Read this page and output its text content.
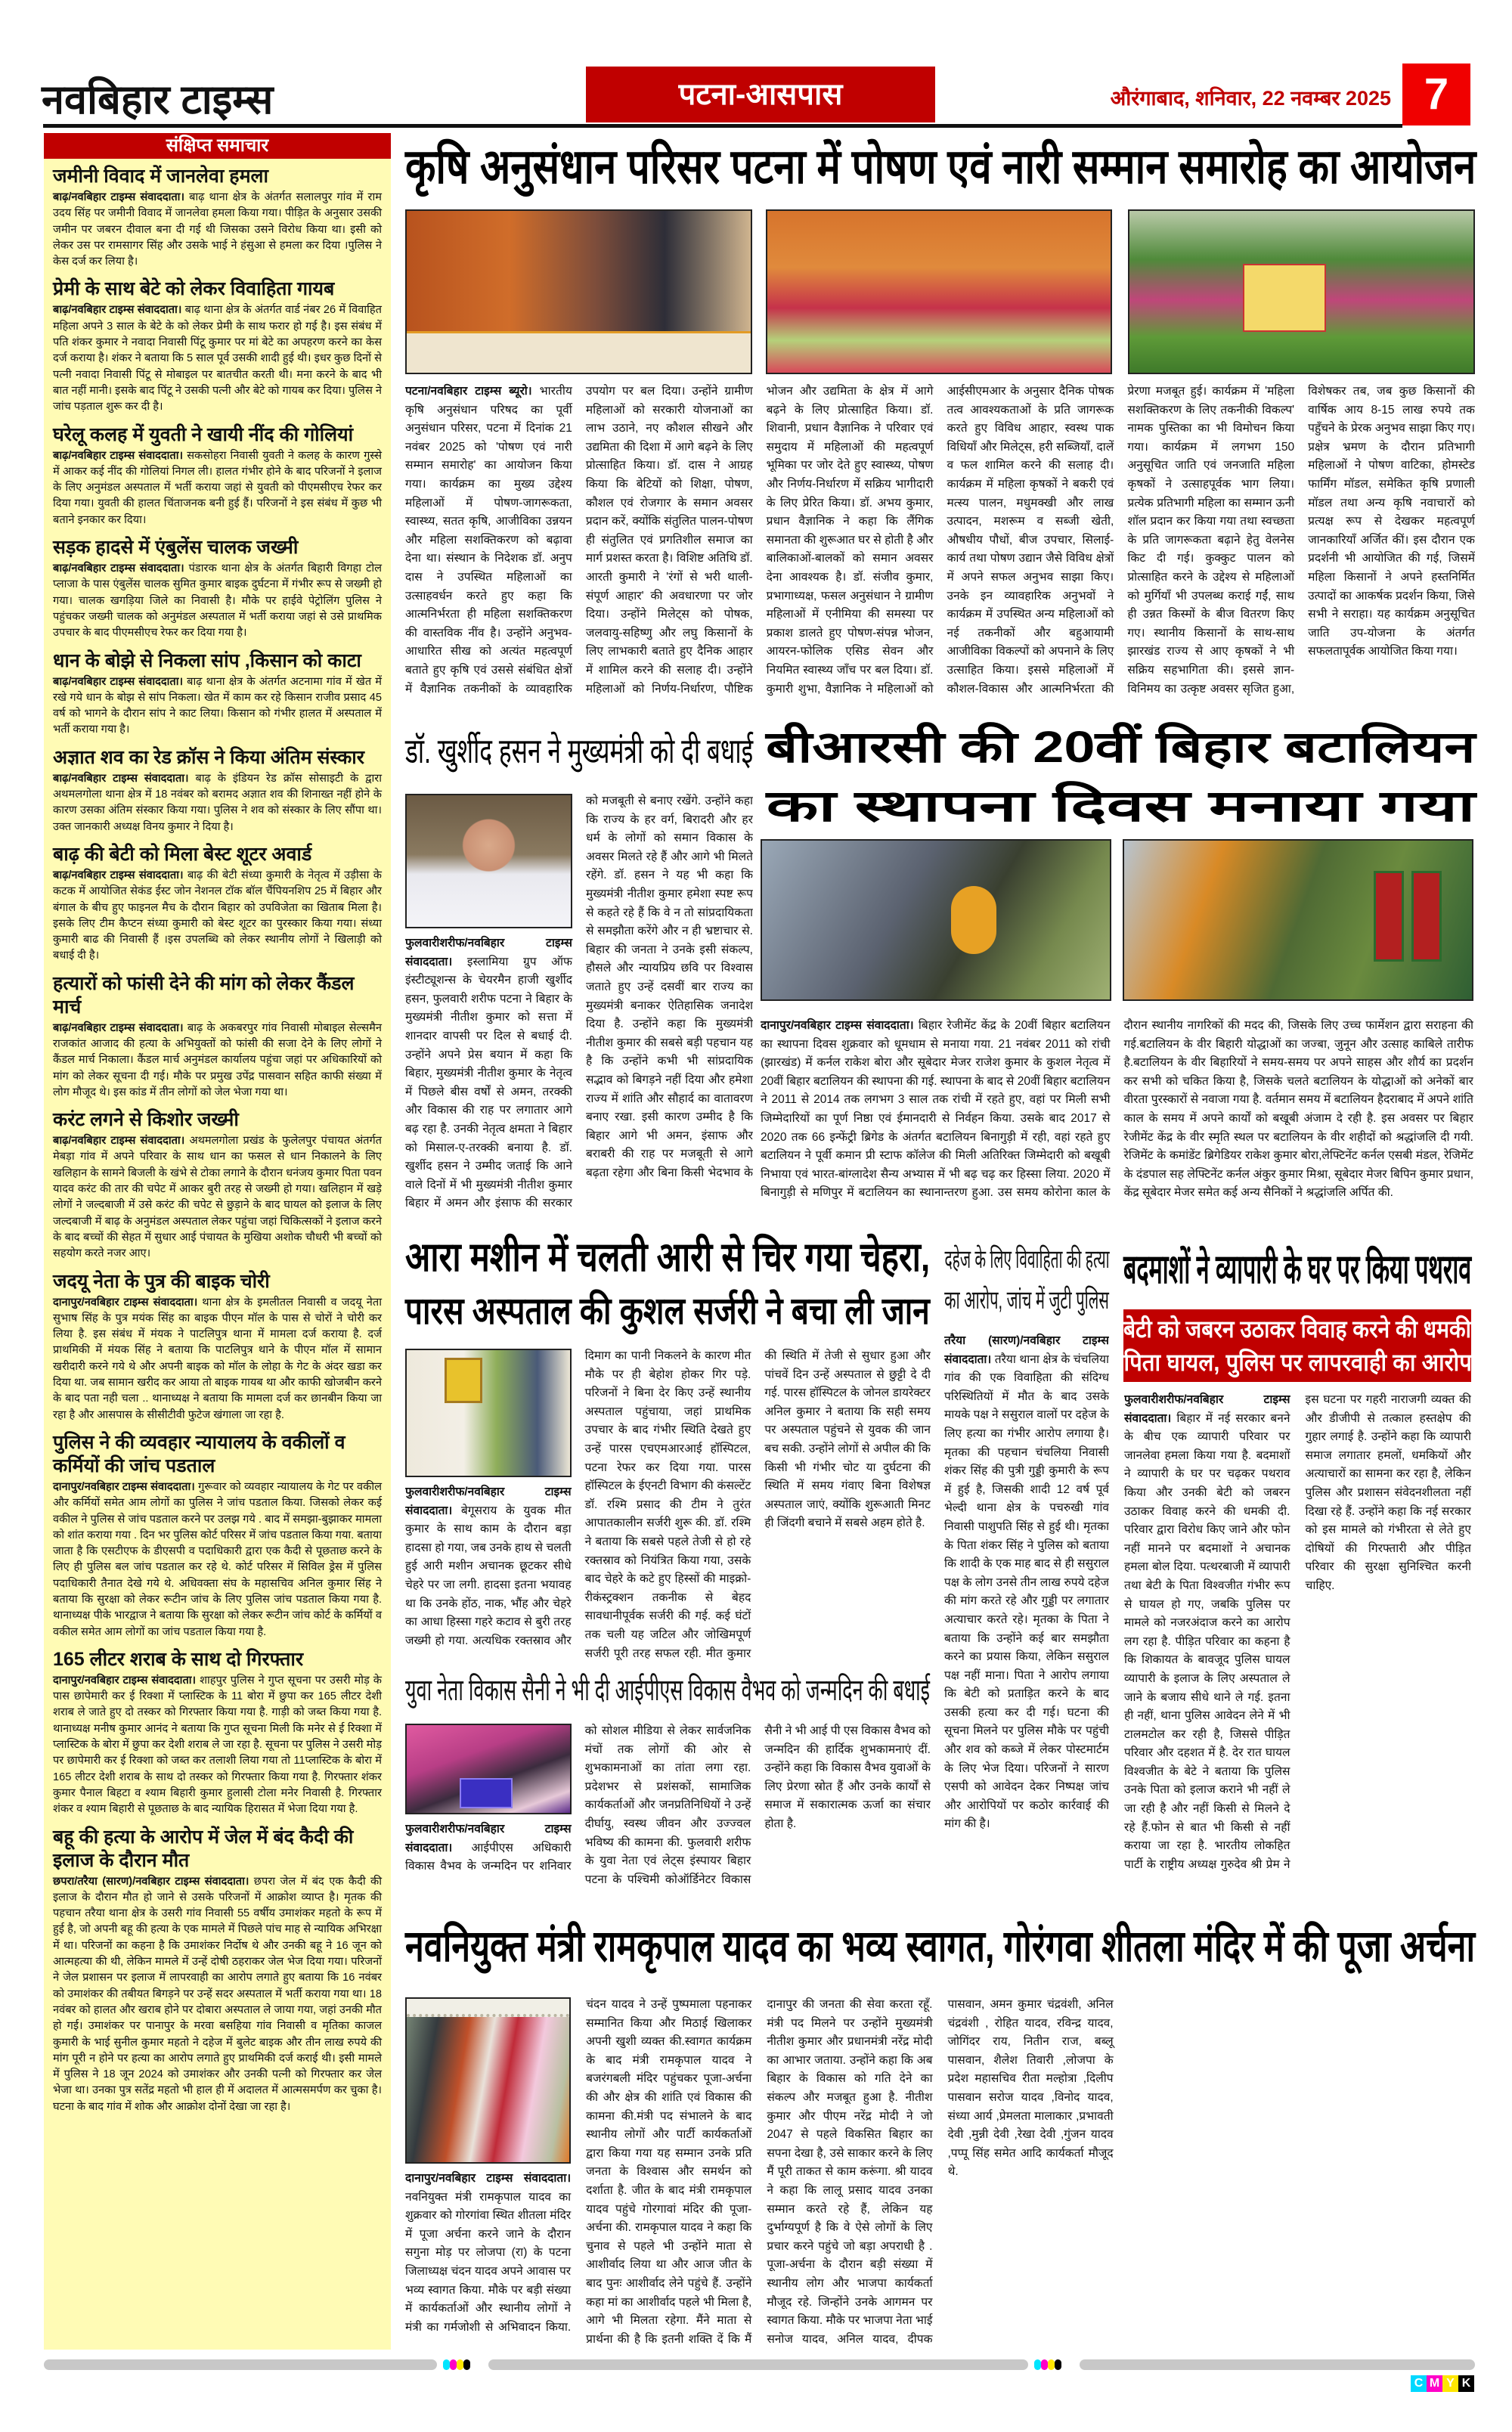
नवबिहार टाइम्स	पटना-आसपास	औरंगाबाद, शनिवार, 22 नवम्बर 2025 7
संक्षिप्त समाचार
जमीनी विवाद में जानलेवा हमला

बाढ़/नवबिहार टाइम्स संवाददाता। बाढ़ थाना क्षेत्र के अंतर्गत सलालपुर गांव में राम उदय सिंह पर जमीनी विवाद में जानलेवा हमला किया गया। पीड़ित के अनुसार उसकी जमीन पर जबरन दीवाल बना दी गई थी जिसका उसने विरोध किया था। इसी को लेकर उस पर रामसागर सिंह और उसके भाई ने हंसुआ से हमला कर दिया ।पुलिस ने केस दर्ज कर लिया है।

प्रेमी के साथ बेटे को लेकर विवाहिता गायब

बाढ़/नवबिहार टाइम्स संवाददाता। बाढ़ थाना क्षेत्र के अंतर्गत वार्ड नंबर 26 में विवाहित महिला अपने 3 साल के बेटे के को लेकर प्रेमी के साथ फरार हो गई है। इस संबंध में पति शंकर कुमार ने नवादा निवासी पिंटू कुमार पर मां बेटे का अपहरण करने का केस दर्ज कराया है। शंकर ने बताया कि 5 साल पूर्व उसकी शादी हुई थी। इधर कुछ दिनों से पत्नी नवादा निवासी पिंटू से मोबाइल पर बातचीत करती थी। मना करने के बाद भी बात नहीं मानी। इसके बाद पिंटू ने उसकी पत्नी और बेटे को गायब कर दिया। पुलिस ने जांच पड़ताल शुरू कर दी है।

घरेलू कलह में युवती ने खायी नींद की गोलियां

बाढ़/नवबिहार टाइम्स संवाददाता। सकसोहरा निवासी युवती ने कलह के कारण गुस्से में आकर कई नींद की गोलियां निगल ली। हालत गंभीर होने के बाद परिजनों ने इलाज के लिए अनुमंडल अस्पताल में भर्ती कराया जहां से युवती को पीएमसीएच रेफर कर दिया गया। युवती की हालत चिंताजनक बनी हुई हैं। परिजनों ने इस संबंध में कुछ भी बताने इनकार कर दिया।

सड़क हादसे में एंबुलेंस चालक जख्मी

बाढ़/नवबिहार टाइम्स संवाददाता। पंडारक थाना क्षेत्र के अंतर्गत बिहारी विगहा टोल प्लाजा के पास एंबुलेंस चालक सुमित कुमार बाइक दुर्घटना में गंभीर रूप से जख्मी हो गया। चालक खगड़िया जिले का निवासी है। मौके पर हाईवे पेट्रोलिंग पुलिस ने पहुंचकर जख्मी चालक को अनुमंडल अस्पताल में भर्ती कराया जहां से उसे प्राथमिक उपचार के बाद पीएमसीएच रेफर कर दिया गया है।

धान के बोझे से निकला सांप ,किसान को काटा

बाढ़/नवबिहार टाइम्स संवाददाता। बाढ़ थाना क्षेत्र के अंतर्गत अटनामा गांव में खेत में रखे गये धान के बोझ से सांप निकला। खेत में काम कर रहे किसान राजीव प्रसाद 45 वर्ष को भागने के दौरान सांप ने काट लिया। किसान को गंभीर हालत में अस्पताल में भर्ती कराया गया है।

अज्ञात शव का रेड क्रॉस ने किया अंतिम संस्कार

बाढ़/नवबिहार टाइम्स संवाददाता। बाढ़ के इंडियन रेड क्रॉस सोसाइटी के द्वारा अथमलगोला थाना क्षेत्र में 18 नवंबर को बरामद अज्ञात शव की शिनाख्त नहीं होने के कारण उसका अंतिम संस्कार किया गया। पुलिस ने शव को संस्कार के लिए सौंपा था। उक्त जानकारी अध्यक्ष विनय कुमार ने दिया है।

बाढ़ की बेटी को मिला बेस्ट शूटर अवार्ड

बाढ़/नवबिहार टाइम्स संवाददाता। बाढ़ की बेटी संध्या कुमारी के नेतृत्व में उड़ीसा के कटक में आयोजित सेकंड ईस्ट जोन नेशनल टॉक बॉल चैंपियनशिप 25 में बिहार और बंगाल के बीच हुए फाइनल मैच के दौरान बिहार को उपविजेता का खिताब मिला है। इसके लिए टीम कैप्टन संध्या कुमारी को बेस्ट शूटर का पुरस्कार किया गया। संध्या कुमारी बाढ की निवासी हैं ।इस उपलब्धि को लेकर स्थानीय लोगों ने खिलाड़ी को बधाई दी है।

हत्यारों को फांसी देने की मांग को लेकर कैंडल मार्च

बाढ़/नवबिहार टाइम्स संवाददाता। बाढ़ के अकबरपुर गांव निवासी मोबाइल सेल्समैन राजकांत आजाद की हत्या के अभियुक्तों को फांसी की सजा देने के लिए लोगों ने कैंडल मार्च निकाला। कैंडल मार्च अनुमंडल कार्यालय पहुंचा जहां पर अधिकारियों को मांग को लेकर सूचना दी गई। मौके पर प्रमुख उपेंद्र पासवान सहित काफी संख्या में लोग मौजूद थे। इस कांड में तीन लोगों को जेल भेजा गया था।

करंट लगने से किशोर जख्मी

बाढ़/नवबिहार टाइम्स संवाददाता। अथमलगोला प्रखंड के फुलेलपुर पंचायत अंतर्गत मेबड़ा गांव में अपने परिवार के साथ धान का फसल से धान निकालने के लिए खलिहान के सामने बिजली के खंभे से टोका लगाने के दौरान धनंजय कुमार पिता पवन यादव करंट की तार की चपेट में आकर बुरी तरह से जख्मी हो गया। खलिहान में खड़े लोगों ने जल्दबाजी में उसे करंट की चपेट से छुड़ाने के बाद घायल को इलाज के लिए जल्दबाजी में बाढ़ के अनुमंडल अस्पताल लेकर पहुंचा जहां चिकित्सकों ने इलाज करने के बाद बच्चों की सेहत में सुधार आई पंचायत के मुखिया अशोक चौधरी भी बच्चों को सहयोग करते नजर आए।

जदयू नेता के पुत्र की बाइक चोरी

दानापुर/नवबिहार टाइम्स संवाददाता। थाना क्षेत्र के इमलीतल निवासी व जदयू नेता सुभाष सिंह के पुत्र मयंक सिंह का बाइक पीएन मॉल के पास से चोरों ने चोरी कर लिया है. इस संबंध में मंयक ने पाटलिपुत्र थाना में मामला दर्ज कराया है. दर्ज प्राथमिकी में मंयक सिंह ने बताया कि पाटलिपुत्र थाने के पीएन मॉल में सामान खरीदारी करने गये थे और अपनी बाइक को मॉल के लोहा के गेट के अंदर खडा कर दिया था. जब सामान खरीद कर आया तो बाइक गायब था और काफी खोजबीन करने के बाद पता नही चला .. थानाध्यक्ष ने बताया कि मामला दर्ज कर छानबीन किया जा रहा है और आसपास के सीसीटीवी फुटेज खंगाला जा रहा है.

पुलिस ने की व्यवहार न्यायालय के वकीलों व कर्मियों की जांच पडताल

दानापुर/नवबिहार टाइम्स संवाददाता। गुरूवार को व्यवहार न्यायालय के गेट पर वकील और कर्मियों समेत आम लोगों का पुलिस ने जांच पडताल किया. जिसको लेकर कई वकील ने पुलिस से जांच पडताल करने पर उलझ गये . बाद में समझा-बुझाकर मामला को शांत कराया गया . दिन भर पुलिस कोर्ट परिसर में जांच पडताल किया गया. बताया जाता है कि एसटीएफ के डीएसपी व पदाधिकारी द्वारा एक कैदी से पूछताछ करने के लिए ही पुलिस बल जांच पडताल कर रहे थे. कोर्ट परिसर में सिविल ड्रेस में पुलिस पदाधिकारी तैनात देखे गये थे. अधिवक्ता संघ के महासचिव अनिल कुमार सिंह ने बताया कि सुरक्षा को लेकर रूटीन जांच के लिए पुलिस जांच पडताल किया गया है. थानाध्यक्ष पीके भारद्वाज ने बताया कि सुरक्षा को लेकर रूटीन जांच कोर्ट के कर्मियों व वकील समेत आम लोगों का जांच पडताल किया गया है.

165 लीटर शराब के साथ दो गिरफ्तार

दानापुर/नवबिहार टाइम्स संवाददाता। शाहपुर पुलिस ने गुप्त सूचना पर उसरी मोड़ के पास छापेमारी कर ई रिक्शा में प्लास्टिक के 11 बोरा में छुपा कर 165 लीटर देशी शराब ले जाते हुए दो तस्कर को गिरफ्तार किया गया है. गाड़ी को जब्त किया गया है. थानाध्यक्ष मनीष कुमार आनंद ने बताया कि गुप्त सूचना मिली कि मनेर से ई रिक्शा में प्लास्टिक के बोरा में छुपा कर देशी शराब ले जा रहा है. सूचना पर पुलिस ने उसरी मोड़ पर छापेमारी कर ई रिक्शा को जब्त कर तलाशी लिया गया तो 11प्लास्टिक के बोरा में 165 लीटर देशी शराब के साथ दो तस्कर को गिरफ्तार किया गया है. गिरफ्तार शंकर कुमार पैनाल बिहटा व श्याम बिहारी कुमार हुलासी टोला मनेर निवासी है. गिरफ्तार शंकर व श्याम बिहारी से पूछताछ के बाद न्यायिक हिरासत में भेजा दिया गया है.

बहू की हत्या के आरोप में जेल में बंद कैदी की इलाज के दौरान मौत

छपरा/तरैया (सारण)/नवबिहार टाइम्स संवाददाता। छपरा जेल में बंद एक कैदी की इलाज के दौरान मौत हो जाने से उसके परिजनों में आक्रोश व्याप्त है। मृतक की पहचान तरैया थाना क्षेत्र के उसरी गांव निवासी 55 वर्षीय उमाशंकर महतो के रूप में हुई है, जो अपनी बहू की हत्या के एक मामले में पिछले पांच माह से न्यायिक अभिरक्षा में था। परिजनों का कहना है कि उमाशंकर निर्दोष थे और उनकी बहू ने 16 जून को आत्महत्या की थी, लेकिन मामले में उन्हें दोषी ठहराकर जेल भेज दिया गया। परिजनों ने जेल प्रशासन पर इलाज में लापरवाही का आरोप लगाते हुए बताया कि 16 नवंबर को उमाशंकर की तबीयत बिगड़ने पर उन्हें सदर अस्पताल में भर्ती कराया गया था। 18 नवंबर को हालत और खराब होने पर दोबारा अस्पताल ले जाया गया, जहां उनकी मौत हो गई। उमाशंकर पर पानापुर के मरवा बसहिया गांव निवासी व मृतिका काजल कुमारी के भाई सुनील कुमार महतो ने दहेज में बुलेट बाइक और तीन लाख रुपये की मांग पूरी न होने पर हत्या का आरोप लगाते हुए प्राथमिकी दर्ज कराई थी। इसी मामले में पुलिस ने 18 जून 2024 को उमाशंकर और उनकी पत्नी को गिरफ्तार कर जेल भेजा था। उनका पुत्र सतेंद्र महतो भी हाल ही में अदालत में आत्मसमर्पण कर चुका है। घटना के बाद गांव में शोक और आक्रोश दोनों देखा जा रहा है।

कृषि अनुसंधान परिसर पटना में पोषण एवं नारी सम्मान समारोह का आयोजन

पटना/नवबिहार टाइम्स ब्यूरो। भारतीय कृषि अनुसंधान परिषद का पूर्वी अनुसंधान परिसर, पटना में दिनांक 21 नवंबर 2025 को 'पोषण एवं नारी सम्मान समारोह' का आयोजन किया गया। कार्यक्रम का मुख्य उद्देश्य महिलाओं में पोषण-जागरूकता, स्वास्थ्य, सतत कृषि, आजीविका उन्नयन और महिला सशक्तिकरण को बढ़ावा देना था। संस्थान के निदेशक डॉ. अनुप दास ने उपस्थित महिलाओं का उत्साहवर्धन करते हुए कहा कि आत्मनिर्भरता ही महिला सशक्तिकरण की वास्तविक नींव है। उन्होंने अनुभव-आधारित सीख को अत्यंत महत्वपूर्ण बताते हुए कृषि एवं उससे संबंधित क्षेत्रों में वैज्ञानिक तकनीकों के व्यावहारिक उपयोग पर बल दिया। उन्होंने ग्रामीण महिलाओं को सरकारी योजनाओं का लाभ उठाने, नए कौशल सीखने और उद्यमिता की दिशा में आगे बढ़ने के लिए प्रोत्साहित किया। डॉ. दास ने आग्रह किया कि बेटियों को शिक्षा, पोषण, कौशल एवं रोजगार के समान अवसर प्रदान करें, क्योंकि संतुलित पालन-पोषण ही संतुलित एवं प्रगतिशील समाज का मार्ग प्रशस्त करता है। विशिष्ट अतिथि डॉ. आरती कुमारी ने 'रंगों से भरी थाली- संपूर्ण आहार' की अवधारणा पर जोर दिया। उन्होंने मिलेट्स को पोषक, जलवायु-सहिष्णु और लघु किसानों के लिए लाभकारी बताते हुए दैनिक आहार में शामिल करने की सलाह दी। उन्होंने महिलाओं को निर्णय-निर्धारण, पौष्टिक भोजन और उद्यमिता के क्षेत्र में आगे बढ़ने के लिए प्रोत्साहित किया। डॉ. शिवानी, प्रधान वैज्ञानिक ने परिवार एवं समुदाय में महिलाओं की महत्वपूर्ण भूमिका पर जोर देते हुए स्वास्थ्य, पोषण और निर्णय-निर्धारण में सक्रिय भागीदारी के लिए प्रेरित किया। डॉ. अभय कुमार, प्रधान वैज्ञानिक ने कहा कि लैंगिक समानता की शुरूआत घर से होती है और बालिकाओं-बालकों को समान अवसर देना आवश्यक है। डॉ. संजीव कुमार, प्रभागाध्यक्ष, फसल अनुसंधान ने ग्रामीण महिलाओं में एनीमिया की समस्या पर प्रकाश डालते हुए पोषण-संपन्न भोजन, आयरन-फोलिक एसिड सेवन और नियमित स्वास्थ्य जाँच पर बल दिया। डॉ. कुमारी शुभा, वैज्ञानिक ने महिलाओं को आईसीएमआर के अनुसार दैनिक पोषक तत्व आवश्यकताओं के प्रति जागरूक करते हुए विविध आहार, स्वस्थ पाक विधियाँ और मिलेट्स, हरी सब्जियाँ, दालें व फल शामिल करने की सलाह दी। कार्यक्रम में महिला कृषकों ने बकरी एवं मत्स्य पालन, मधुमक्खी और लाख उत्पादन, मशरूम व सब्जी खेती, औषधीय पौधों, बीज उपचार, सिलाई-कार्य तथा पोषण उद्यान जैसे विविध क्षेत्रों में अपने सफल अनुभव साझा किए। उनके इन व्यावहारिक अनुभवों ने कार्यक्रम में उपस्थित अन्य महिलाओं को नई तकनीकों और बहुआयामी आजीविका विकल्पों को अपनाने के लिए उत्साहित किया। इससे महिलाओं में कौशल-विकास और आत्मनिर्भरता की प्रेरणा मजबूत हुई। कार्यक्रम में 'महिला सशक्तिकरण के लिए तकनीकी विकल्प' नामक पुस्तिका का भी विमोचन किया गया। कार्यक्रम में लगभग 150 अनुसूचित जाति एवं जनजाति महिला कृषकों ने उत्साहपूर्वक भाग लिया। प्रत्येक प्रतिभागी महिला का सम्मान ऊनी शॉल प्रदान कर किया गया तथा स्वच्छता के प्रति जागरूकता बढ़ाने हेतु वेलनेस किट दी गई। कुक्कुट पालन को प्रोत्साहित करने के उद्देश्य से महिलाओं को मुर्गियाँ भी उपलब्ध कराई गईं, साथ ही उन्नत किस्मों के बीज वितरण किए गए। स्थानीय किसानों के साथ-साथ झारखंड राज्य से आए कृषकों ने भी सक्रिय सहभागिता की। इससे ज्ञान-विनिमय का उत्कृष्ट अवसर सृजित हुआ, विशेषकर तब, जब कुछ किसानों की वार्षिक आय 8-15 लाख रुपये तक पहुँचने के प्रेरक अनुभव साझा किए गए। प्रक्षेत्र भ्रमण के दौरान प्रतिभागी महिलाओं ने पोषण वाटिका, होमस्टेड फार्मिंग मॉडल, समेकित कृषि प्रणाली मॉडल तथा अन्य कृषि नवाचारों को प्रत्यक्ष रूप से देखकर महत्वपूर्ण जानकारियाँ अर्जित कीं। इस दौरान एक प्रदर्शनी भी आयोजित की गई, जिसमें महिला किसानों ने अपने हस्तनिर्मित उत्पादों का आकर्षक प्रदर्शन किया, जिसे सभी ने सराहा। यह कार्यक्रम अनुसूचित जाति उप-योजना के अंतर्गत सफलतापूर्वक आयोजित किया गया।

डॉ. खुर्शीद हसन ने मुख्यमंत्री को दी बधाई

फुलवारीशरीफ/नवबिहार टाइम्स संवाददाता। इस्लामिया ग्रुप ऑफ इंस्टीट्यूशन्स के चेयरमैन हाजी खुर्शीद हसन, फुलवारी शरीफ पटना ने बिहार के मुख्यमंत्री नीतीश कुमार को सत्ता में शानदार वापसी पर दिल से बधाई दी. उन्होंने अपने प्रेस बयान में कहा कि बिहार, मुख्यमंत्री नीतीश कुमार के नेतृत्व में पिछले बीस वर्षों से अमन, तरक्की और विकास की राह पर लगातार आगे बढ़ रहा है. उनकी नेतृत्व क्षमता ने बिहार को मिसाल-ए-तरक्की बनाया है. डॉ. खुर्शीद हसन ने उम्मीद जताई कि आने वाले दिनों में भी मुख्यमंत्री नीतीश कुमार बिहार में अमन और इंसाफ की सरकार को मजबूती से बनाए रखेंगे. उन्होंने कहा कि राज्य के हर वर्ग, बिरादरी और हर धर्म के लोगों को समान विकास के अवसर मिलते रहे हैं और आगे भी मिलते रहेंगे. डॉ. हसन ने यह भी कहा कि मुख्यमंत्री नीतीश कुमार हमेशा स्पष्ट रूप से कहते रहे हैं कि वे न तो सांप्रदायिकता से समझौता करेंगे और न ही भ्रष्टाचार से. बिहार की जनता ने उनके इसी संकल्प, हौसले और न्यायप्रिय छवि पर विश्वास जताते हुए उन्हें दसवीं बार राज्य का मुख्यमंत्री बनाकर ऐतिहासिक जनादेश दिया है. उन्होंने कहा कि मुख्यमंत्री नीतीश कुमार की सबसे बड़ी पहचान यह है कि उन्होंने कभी भी सांप्रदायिक सद्भाव को बिगड़ने नहीं दिया और हमेशा राज्य में शांति और सौहार्द का वातावरण बनाए रखा. इसी कारण उम्मीद है कि बिहार आगे भी अमन, इंसाफ और बराबरी की राह पर मजबूती से आगे बढ़ता रहेगा और बिना किसी भेदभाव के

बीआरसी की 20वीं बिहार बटालियन
का स्थापना दिवस मनाया गया

दानापुर/नवबिहार टाइम्स संवाददाता। बिहार रेजीमेंट केंद्र के 20वीं बिहार बटालियन का स्थापना दिवस शुक्रवार को धूमधाम से मनाया गया. 21 नवंबर 2011 को रांची (झारखंड) में कर्नल राकेश बोरा और सूबेदार मेजर राजेश कुमार के कुशल नेतृत्व में 20वीं बिहार बटालियन की स्थापना की गई. स्थापना के बाद से 20वीं बिहार बटालियन ने 2011 से 2014 तक लगभग 3 साल तक रांची में रहते हुए, वहां पर मिली सभी जिम्मेदारियों का पूर्ण निष्ठा एवं ईमानदारी से निर्वहन किया. उसके बाद 2017 से 2020 तक 66 इन्फेंट्री ब्रिगेड के अंतर्गत बटालियन बिनागुड़ी में रही, वहां रहते हुए बटालियन ने पूर्वी कमान प्री स्टाफ कॉलेज की मिली अतिरिक्त जिम्मेदारी को बखूबी निभाया एवं भारत-बांग्लादेश सैन्य अभ्यास में भी बढ़ चढ़ कर हिस्सा लिया. 2020 में बिनागुड़ी से मणिपुर में बटालियन का स्थानान्तरण हुआ. उस समय कोरोना काल के दौरान स्थानीय नागरिकों की मदद की, जिसके लिए उच्च फार्मेशन द्वारा सराहना की गई.बटालियन के वीर बिहारी योद्धाओं का जज्बा, जुनून और उत्साह काबिले तारीफ है.बटालियन के वीर बिहारियों ने समय-समय पर अपने साहस और शौर्य का प्रदर्शन कर सभी को चकित किया है, जिसके चलते बटालियन के योद्धाओं को अनेकों बार वीरता पुरस्कारों से नवाजा गया है. वर्तमान समय में बटालियन हैदराबाद में अपने शांति काल के समय में अपने कार्यों को बखूबी अंजाम दे रही है. इस अवसर पर बिहार रेजीमेंट केंद्र के वीर स्मृति स्थल पर बटालियन के वीर शहीदों को श्रद्धांजलि दी गयी. रेजिमेंट के कमांडेंट ब्रिगेडियर राकेश कुमार बोरा,लेफ्टिनेंट कर्नल एसबी मंडल, रेजिमेंट के दंडपाल सह लेफ्टिनेंट कर्नल अंकुर कुमार मिश्रा, सूबेदार मेजर बिपिन कुमार प्रधान, केंद्र सूबेदार मेजर समेत कई अन्य सैनिकों ने श्रद्धांजलि अर्पित की.

आरा मशीन में चलती आरी से चिर गया चेहरा,
पारस अस्पताल की कुशल सर्जरी ने बचा ली जान

फुलवारीशरीफ/नवबिहार टाइम्स संवाददाता। बेगूसराय के युवक मीत कुमार के साथ काम के दौरान बड़ा हादसा हो गया, जब उनके हाथ से चलती हुई आरी मशीन अचानक छूटकर सीधे चेहरे पर जा लगी. हादसा इतना भयावह था कि उनके होंठ, नाक, भौंह और चेहरे का आधा हिस्सा गहरे कटाव से बुरी तरह जख्मी हो गया. अत्यधिक रक्तस्राव और दिमाग का पानी निकलने के कारण मीत मौके पर ही बेहोश होकर गिर पड़े. परिजनों ने बिना देर किए उन्हें स्थानीय अस्पताल पहुंचाया, जहां प्राथमिक उपचार के बाद गंभीर स्थिति देखते हुए उन्हें पारस एचएमआरआई हॉस्पिटल, पटना रेफर कर दिया गया. पारस हॉस्पिटल के ईएनटी विभाग की कंसल्टेंट डॉ. रश्मि प्रसाद की टीम ने तुरंत आपातकालीन सर्जरी शुरू की. डॉ. रश्मि ने बताया कि सबसे पहले तेजी से हो रहे रक्तस्राव को नियंत्रित किया गया, उसके बाद चेहरे के कटे हुए हिस्सों की माइक्रो-रीकंस्ट्रक्शन तकनीक से बेहद सावधानीपूर्वक सर्जरी की गई. कई घंटों तक चली यह जटिल और जोखिमपूर्ण सर्जरी पूरी तरह सफल रही. मीत कुमार की स्थिति में तेजी से सुधार हुआ और पांचवें दिन उन्हें अस्पताल से छुट्टी दे दी गई. पारस हॉस्पिटल के जोनल डायरेक्टर अनिल कुमार ने बताया कि सही समय पर अस्पताल पहुंचने से युवक की जान बच सकी. उन्होंने लोगों से अपील की कि किसी भी गंभीर चोट या दुर्घटना की स्थिति में समय गंवाए बिना विशेषज्ञ अस्पताल जाएं, क्योंकि शुरूआती मिनट ही जिंदगी बचाने में सबसे अहम होते है.

दहेज के लिए विवाहिता की हत्या
का आरोप, जांच में जुटी पुलिस

तरैया (सारण)/नवबिहार टाइम्स संवाददाता। तरैया थाना क्षेत्र के चंचलिया गांव की एक विवाहिता की संदिग्ध परिस्थितियों में मौत के बाद उसके मायके पक्ष ने ससुराल वालों पर दहेज के लिए हत्या का गंभीर आरोप लगाया है। मृतका की पहचान चंचलिया निवासी शंकर सिंह की पुत्री गुड्डी कुमारी के रूप में हुई है, जिसकी शादी 12 वर्ष पूर्व भेल्दी थाना क्षेत्र के पचरुखी गांव निवासी पाशुपति सिंह से हुई थी। मृतका के पिता शंकर सिंह ने पुलिस को बताया कि शादी के एक माह बाद से ही ससुराल पक्ष के लोग उनसे तीन लाख रुपये दहेज की मांग करते रहे और गुड्डी पर लगातार अत्याचार करते रहे। मृतका के पिता ने बताया कि उन्होंने कई बार समझौता करने का प्रयास किया, लेकिन ससुराल पक्ष नहीं माना। पिता ने आरोप लगाया कि बेटी को प्रताड़ित करने के बाद उसकी हत्या कर दी गई। घटना की सूचना मिलने पर पुलिस मौके पर पहुंची और शव को कब्जे में लेकर पोस्टमार्टम के लिए भेज दिया। परिजनों ने सारण एसपी को आवेदन देकर निष्पक्ष जांच और आरोपियों पर कठोर कार्रवाई की मांग की है।

बदमाशों ने व्यापारी के घर पर किया पथराव
बेटी को जबरन उठाकर विवाह करने की धमकी
पिता घायल, पुलिस पर लापरवाही का आरोप

फुलवारीशरीफ/नवबिहार टाइम्स संवाददाता। बिहार में नई सरकार बनने के बीच एक व्यापारी परिवार पर जानलेवा हमला किया गया है. बदमाशों ने व्यापारी के घर पर चढ़कर पथराव किया और उनकी बेटी को जबरन उठाकर विवाह करने की धमकी दी. परिवार द्वारा विरोध किए जाने और फोन नहीं मानने पर बदमाशों ने अचानक हमला बोल दिया. पत्थरबाजी में व्यापारी तथा बेटी के पिता विश्वजीत गंभीर रूप से घायल हो गए, जबकि पुलिस पर मामले को नजरअंदाज करने का आरोप लग रहा है. पीड़ित परिवार का कहना है कि शिकायत के बावजूद पुलिस घायल व्यापारी के इलाज के लिए अस्पताल ले जाने के बजाय सीधे थाने ले गई. इतना ही नहीं, थाना पुलिस आवेदन लेने में भी टालमटोल कर रही है, जिससे पीड़ित परिवार और दहशत में है. देर रात घायल विश्वजीत के बेटे ने बताया कि पुलिस उनके पिता को इलाज कराने भी नहीं ले जा रही है और नहीं किसी से मिलने दे रहे हैं.फोन से बात भी किसी से नहीं कराया जा रहा है. भारतीय लोकहित पार्टी के राष्ट्रीय अध्यक्ष गुरुदेव श्री प्रेम ने इस घटना पर गहरी नाराजगी व्यक्त की और डीजीपी से तत्काल हस्तक्षेप की गुहार लगाई है. उन्होंने कहा कि व्यापारी समाज लगातार हमलों, धमकियों और अत्याचारों का सामना कर रहा है, लेकिन पुलिस और प्रशासन संवेदनशीलता नहीं दिखा रहे हैं. उन्होंने कहा कि नई सरकार को इस मामले को गंभीरता से लेते हुए दोषियों की गिरफ्तारी और पीड़ित परिवार की सुरक्षा सुनिश्चित करनी चाहिए.

युवा नेता विकास सैनी ने भी दी आईपीएस विकास वैभव को जन्मदिन की बधाई

फुलवारीशरीफ/नवबिहार टाइम्स संवाददाता। आईपीएस अधिकारी विकास वैभव के जन्मदिन पर शनिवार को सोशल मीडिया से लेकर सार्वजनिक मंचों तक लोगों की ओर से शुभकामनाओं का तांता लगा रहा. प्रदेशभर से प्रशंसकों, सामाजिक कार्यकर्ताओं और जनप्रतिनिधियों ने उन्हें दीर्घायु, स्वस्थ जीवन और उज्ज्वल भविष्य की कामना की. फुलवारी शरीफ के युवा नेता एवं लेट्स इंस्पायर बिहार पटना के पश्चिमी कोऑर्डिनेटर विकास सैनी ने भी आई पी एस विकास वैभव को जन्मदिन की हार्दिक शुभकामनाएं दीं. उन्होंने कहा कि विकास वैभव युवाओं के लिए प्रेरणा स्रोत हैं और उनके कार्यों से समाज में सकारात्मक ऊर्जा का संचार होता है.

नवनियुक्त मंत्री रामकृपाल यादव का भव्य स्वागत, गोरंगवा शीतला मंदिर में की पूजा अर्चना

दानापुर/नवबिहार टाइम्स संवाददाता। नवनियुक्त मंत्री रामकृपाल यादव का शुक्रवार को गोरगांवा स्थित शीतला मंदिर में पूजा अर्चना करने जाने के दौरान सगुना मोड़ पर लोजपा (रा) के पटना जिलाध्यक्ष चंदन यादव अपने आवास पर भव्य स्वागत किया. मौके पर बड़ी संख्या में कार्यकर्ताओं और स्थानीय लोगों ने मंत्री का गर्मजोशी से अभिवादन किया. चंदन यादव ने उन्हें पुष्पमाला पहनाकर सम्मानित किया और मिठाई खिलाकर अपनी खुशी व्यक्त की.स्वागत कार्यक्रम के बाद मंत्री रामकृपाल यादव ने बजरंगबली मंदिर पहुंचकर पूजा-अर्चना की और क्षेत्र की शांति एवं विकास की कामना की.मंत्री पद संभालने के बाद स्थानीय लोगों और पार्टी कार्यकर्ताओं द्वारा किया गया यह सम्मान उनके प्रति जनता के विश्वास और समर्थन को दर्शाता है. जीत के बाद मंत्री रामकृपाल यादव पहुंचे गोरगावां मंदिर की पूजा-अर्चना की. रामकृपाल यादव ने कहा कि चुनाव से पहले भी उन्होंने माता से आशीर्वाद लिया था और आज जीत के बाद पुनः आशीर्वाद लेने पहुंचे हैं. उन्होंने कहा मां का आशीर्वाद पहले भी मिला है, आगे भी मिलता रहेगा. मैंने माता से प्रार्थना की है कि इतनी शक्ति दें कि मैं दानापुर की जनता की सेवा करता रहूँ. मंत्री पद मिलने पर उन्होंने मुख्यमंत्री नीतीश कुमार और प्रधानमंत्री नरेंद्र मोदी का आभार जताया. उन्होंने कहा कि अब बिहार के विकास को गति देने का संकल्प और मजबूत हुआ है. नीतीश कुमार और पीएम नरेंद्र मोदी ने जो 2047 से पहले विकसित बिहार का सपना देखा है, उसे साकार करने के लिए मैं पूरी ताकत से काम करूंगा. श्री यादव ने कहा कि लालू प्रसाद यादव उनका सम्मान करते रहे हैं, लेकिन यह दुर्भाग्यपूर्ण है कि वे ऐसे लोगों के लिए प्रचार करने पहुंचे जो बड़ा अपराधी है . पूजा-अर्चना के दौरान बड़ी संख्या में स्थानीय लोग और भाजपा कार्यकर्ता मौजूद रहे. जिन्होंने उनके आगमन पर स्वागत किया. मौके पर भाजपा नेता भाई सनोज यादव, अनिल यादव, दीपक पासवान, अमन कुमार चंद्रवंशी, अनिल चंद्रवंशी , रोहित यादव, रविन्द्र यादव, जोगिंदर राय, नितीन राज, बब्लू पासवान, शैलेश तिवारी ,लोजपा के प्रदेश महासचिव रीता मल्होत्रा ,दिलीप पासवान सरोज यादव ,विनोद यादव, संध्या आर्य ,प्रेमलता मालाकार ,प्रभावती देवी ,मुन्नी देवी ,रेखा देवी ,गुंजन यादव ,पप्पू सिंह समेत आदि कार्यकर्ता मौजूद थे.

C M Y K
